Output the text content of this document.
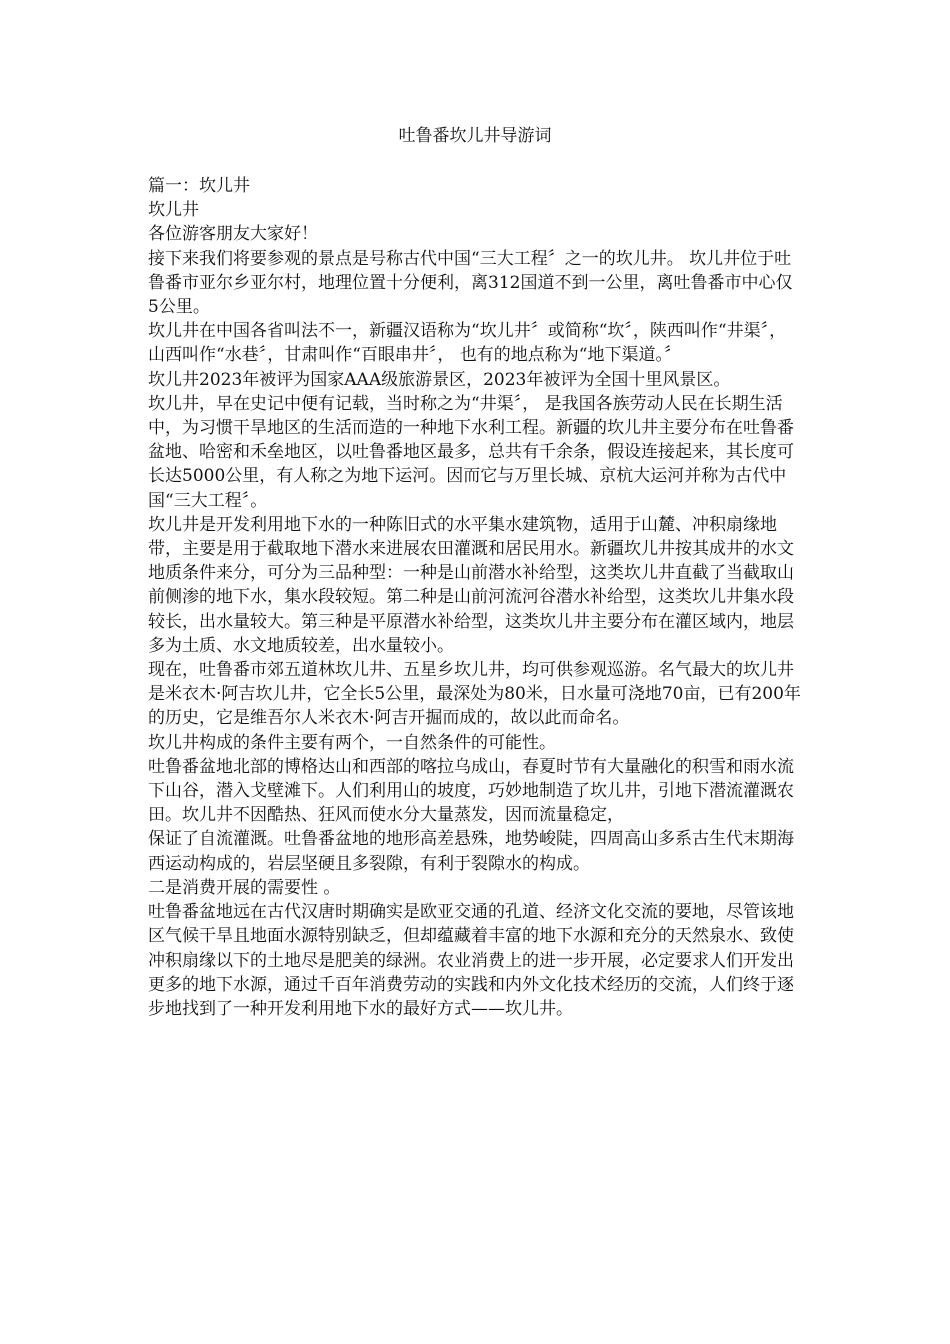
吐鲁番坎儿井导游词

篇一：坎儿井

坎儿井

各位游客朋友大家好！

接下来我们将要参观的景点是号称古代中国“三大工程〞之一的坎儿井。 坎儿井位于吐鲁番市亚尔乡亚尔村，地理位置十分便利，离312国道不到一公里，离吐鲁番市中心仅5公里。

坎儿井在中国各省叫法不一，新疆汉语称为“坎儿井〞或简称“坎〞，陕西叫作“井渠〞， 山西叫作“水巷〞，甘肃叫作“百眼串井〞， 也有的地点称为“地下渠道。〞

坎儿井2023年被评为国家AAA级旅游景区，2023年被评为全国十里风景区。

坎儿井，早在史记中便有记载，当时称之为“井渠〞， 是我国各族劳动人民在长期生活中，为习惯干旱地区的生活而造的一种地下水利工程。新疆的坎儿井主要分布在吐鲁番盆地、哈密和禾垒地区，以吐鲁番地区最多，总共有千余条，假设连接起来，其长度可长达5000公里，有人称之为地下运河。因而它与万里长城、京杭大运河并称为古代中国“三大工程〞。

坎儿井是开发利用地下水的一种陈旧式的水平集水建筑物，适用于山麓、冲积扇缘地带，主要是用于截取地下潜水来进展农田灌溉和居民用水。新疆坎儿井按其成井的水文地质条件来分，可分为三品种型：一种是山前潜水补给型，这类坎儿井直截了当截取山前侧渗的地下水，集水段较短。第二种是山前河流河谷潜水补给型，这类坎儿井集水段较长，出水量较大。第三种是平原潜水补给型，这类坎儿井主要分布在灌区域内，地层多为土质、水文地质较差，出水量较小。

现在，吐鲁番市郊五道林坎儿井、五星乡坎儿井，均可供参观巡游。名气最大的坎儿井是米衣木·阿吉坎儿井，它全长5公里，最深处为80米，日水量可浇地70亩，已有200年的历史，它是维吾尔人米衣木·阿吉开掘而成的，故以此而命名。

坎儿井构成的条件主要有两个，一自然条件的可能性。

吐鲁番盆地北部的博格达山和西部的喀拉乌成山，春夏时节有大量融化的积雪和雨水流下山谷，潜入戈壁滩下。人们利用山的坡度，巧妙地制造了坎儿井，引地下潜流灌溉农田。坎儿井不因酷热、狂风而使水分大量蒸发，因而流量稳定，

保证了自流灌溉。吐鲁番盆地的地形高差悬殊，地势峻陡，四周高山多系古生代末期海西运动构成的，岩层坚硬且多裂隙，有利于裂隙水的构成。

二是消费开展的需要性 。

吐鲁番盆地远在古代汉唐时期确实是欧亚交通的孔道、经济文化交流的要地，尽管该地区气候干旱且地面水源特别缺乏，但却蕴藏着丰富的地下水源和充分的天然泉水、致使冲积扇缘以下的土地尽是肥美的绿洲。农业消费上的进一步开展，必定要求人们开发出更多的地下水源，通过千百年消费劳动的实践和内外文化技术经历的交流，人们终于逐步地找到了一种开发利用地下水的最好方式——坎儿井。
